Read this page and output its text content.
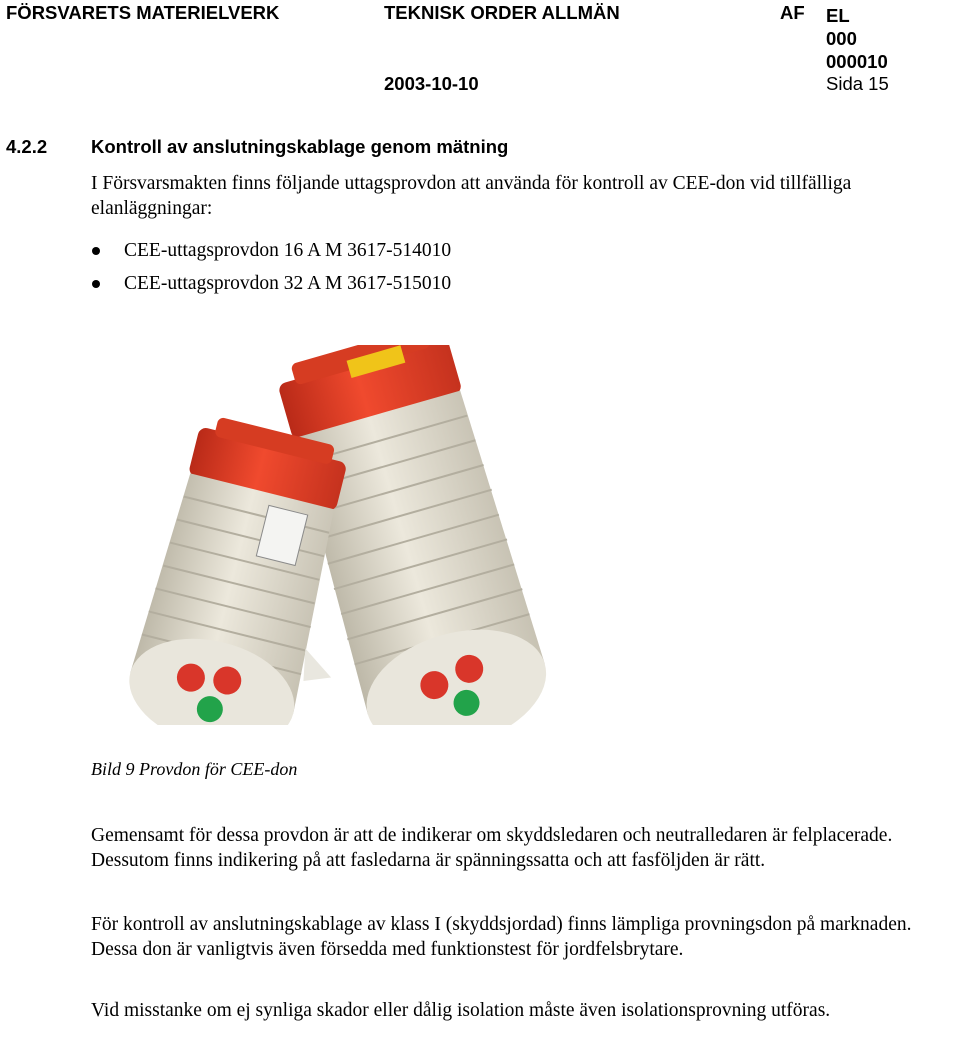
FÖRSVARETS MATERIELVERK	TEKNISK ORDER ALLMÄN	AF EL
000
000010
2003-10-10	Sida 15
4.2.2 Kontroll av anslutningskablage genom mätning

I Försvarsmakten finns följande uttagsprovdon att använda för kontroll av CEE-don vid tillfälliga elanläggningar:

CEE-uttagsprovdon 16 A M 3617-514010
CEE-uttagsprovdon 32 A M 3617-515010
Bild 9 Provdon för CEE-don

Gemensamt för dessa provdon är att de indikerar om skyddsledaren och neutralledaren är felplacerade. Dessutom finns indikering på att fasledarna är spänningssatta och att fasföljden är rätt.

För kontroll av anslutningskablage av klass I (skyddsjordad) finns lämpliga provningsdon på marknaden. Dessa don är vanligtvis även försedda med funktionstest för jordfelsbrytare.

Vid misstanke om ej synliga skador eller dålig isolation måste även isolationsprovning utföras.
